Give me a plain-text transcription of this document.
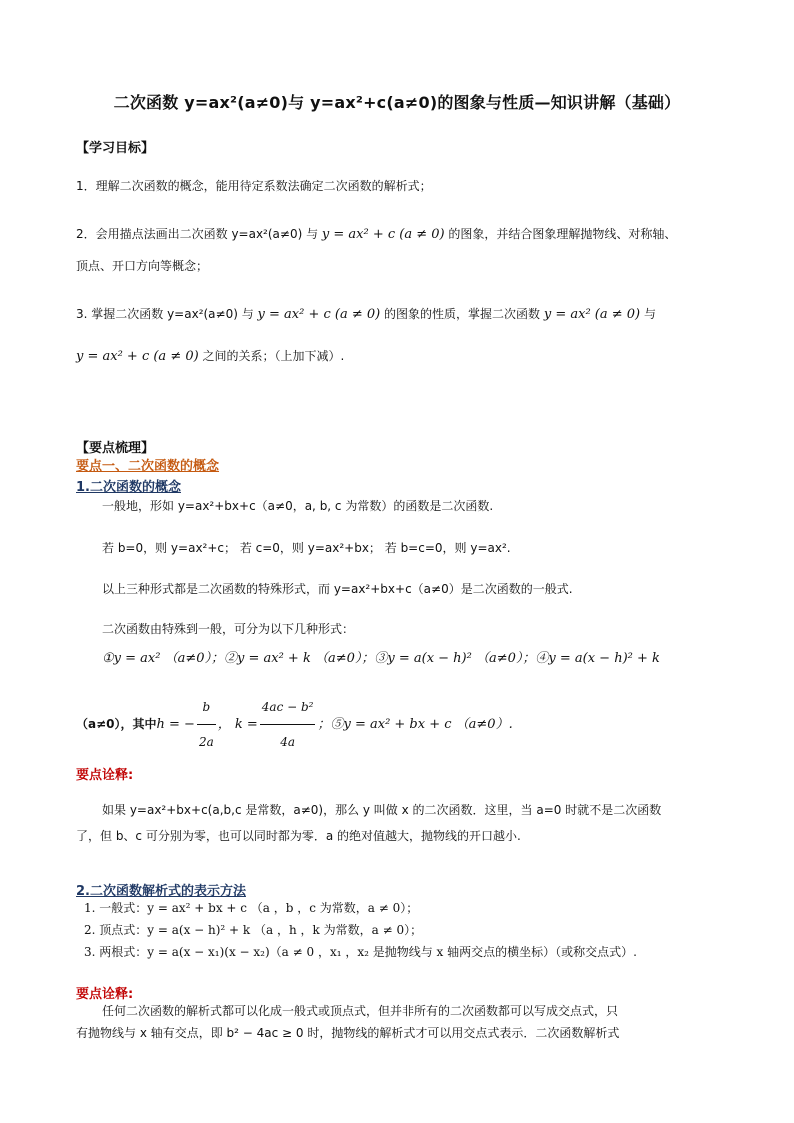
二次函数 y=ax²(a≠0)与 y=ax²+c(a≠0)的图象与性质—知识讲解（基础）
【学习目标】
1．理解二次函数的概念，能用待定系数法确定二次函数的解析式；
2．会用描点法画出二次函数 y=ax²(a≠0) 与 y = ax² + c (a ≠ 0) 的图象，并结合图象理解抛物线、对称轴、
顶点、开口方向等概念；
3. 掌握二次函数 y=ax²(a≠0) 与 y = ax² + c (a ≠ 0) 的图象的性质，掌握二次函数 y = ax² (a ≠ 0) 与
y = ax² + c (a ≠ 0) 之间的关系；（上加下减）.
【要点梳理】
要点一、二次函数的概念
1.二次函数的概念
一般地，形如 y=ax²+bx+c（a≠0，a, b, c 为常数）的函数是二次函数.
若 b=0，则 y=ax²+c； 若 c=0，则 y=ax²+bx； 若 b=c=0，则 y=ax².
以上三种形式都是二次函数的特殊形式，而 y=ax²+bx+c（a≠0）是二次函数的一般式.
二次函数由特殊到一般，可分为以下几种形式：
①y = ax² （a≠0）；②y = ax² + k （a≠0）；③y = a(x − h)² （a≠0）；④y = a(x − h)² + k
（a≠0），其中h = − $\frac{b}{2a}$ ， $k = \frac{\text{4ac − b²}}{4a}$ ；⑤y = ax² + bx + c （a≠0）.
要点诠释:
如果 y=ax²+bx+c(a,b,c 是常数，a≠0)，那么 y 叫做 x 的二次函数．这里，当 a=0 时就不是二次函数
了，但 b、c 可分别为零，也可以同时都为零．a 的绝对值越大，抛物线的开口越小.
2.二次函数解析式的表示方法
1. 一般式：y = ax² + bx + c （a ，b ，c 为常数，a ≠ 0）；
2. 顶点式：y = a(x − h)² + k （a ，h ，k 为常数，a ≠ 0）；
3. 两根式：y = a(x − x₁)(x − x₂)（a ≠ 0 ，x₁ ，x₂ 是抛物线与 x 轴两交点的横坐标）（或称交点式）.
要点诠释:
任何二次函数的解析式都可以化成一般式或顶点式，但并非所有的二次函数都可以写成交点式，只
有抛物线与 x 轴有交点，即 b² − 4ac ≥ 0 时，抛物线的解析式才可以用交点式表示．二次函数解析式
